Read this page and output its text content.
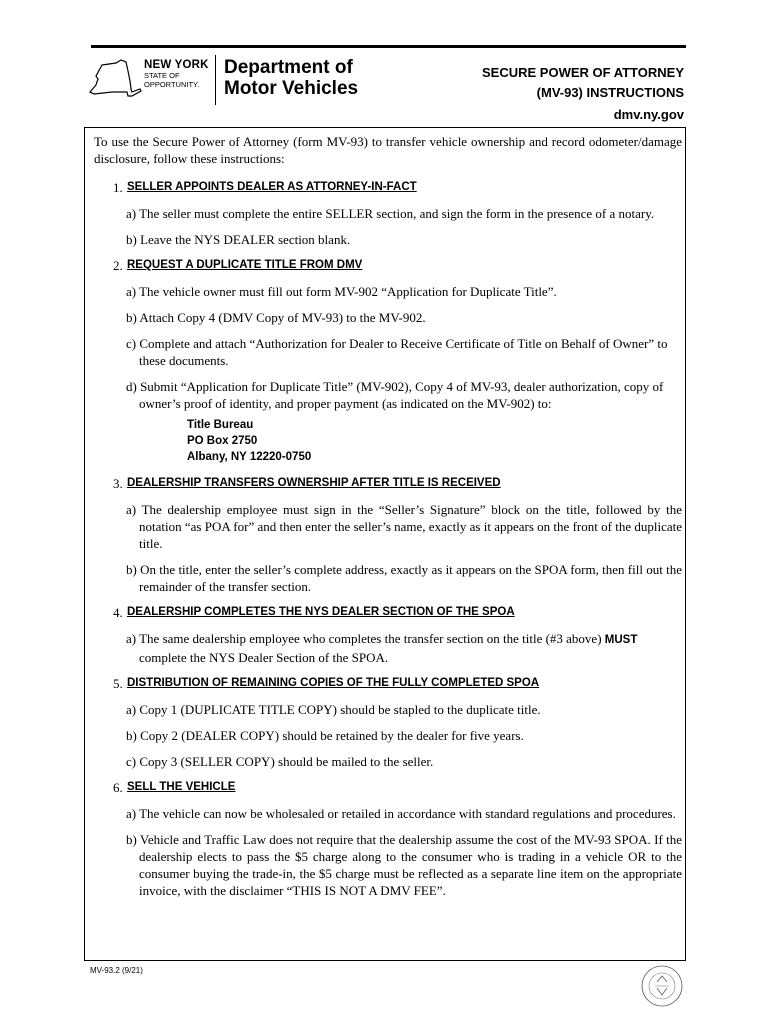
NEW YORK
STATE OF
OPPORTUNITY.
Department of
Motor Vehicles
SECURE POWER OF ATTORNEY
(MV-93) INSTRUCTIONS
dmv.ny.gov

To use the Secure Power of Attorney (form MV-93) to transfer vehicle ownership and record odometer/damage disclosure, follow these instructions:

1. SELLER APPOINTS DEALER AS ATTORNEY-IN-FACT
a) The seller must complete the entire SELLER section, and sign the form in the presence of a notary.
b) Leave the NYS DEALER section blank.
2. REQUEST A DUPLICATE TITLE FROM DMV
a) The vehicle owner must fill out form MV-902 “Application for Duplicate Title”.
b) Attach Copy 4 (DMV Copy of MV-93) to the MV-902.
c) Complete and attach “Authorization for Dealer to Receive Certificate of Title on Behalf of Owner” to these documents.
d) Submit “Application for Duplicate Title” (MV-902), Copy 4 of MV-93, dealer authorization, copy of owner’s proof of identity, and proper payment (as indicated on the MV-902) to:
Title Bureau
PO Box 2750
Albany, NY 12220-0750
3. DEALERSHIP TRANSFERS OWNERSHIP AFTER TITLE IS RECEIVED
a) The dealership employee must sign in the “Seller’s Signature” block on the title, followed by the notation “as POA for” and then enter the seller’s name, exactly as it appears on the front of the duplicate title.
b) On the title, enter the seller’s complete address, exactly as it appears on the SPOA form, then fill out the remainder of the transfer section.
4. DEALERSHIP COMPLETES THE NYS DEALER SECTION OF THE SPOA
a) The same dealership employee who completes the transfer section on the title (#3 above) MUST complete the NYS Dealer Section of the SPOA.
5. DISTRIBUTION OF REMAINING COPIES OF THE FULLY COMPLETED SPOA
a) Copy 1 (DUPLICATE TITLE COPY) should be stapled to the duplicate title.
b) Copy 2 (DEALER COPY) should be retained by the dealer for five years.
c) Copy 3 (SELLER COPY) should be mailed to the seller.
6. SELL THE VEHICLE
a) The vehicle can now be wholesaled or retailed in accordance with standard regulations and procedures.
b) Vehicle and Traffic Law does not require that the dealership assume the cost of the MV-93 SPOA. If the dealership elects to pass the $5 charge along to the consumer who is trading in a vehicle OR to the consumer buying the trade-in, the $5 charge must be reflected as a separate line item on the appropriate invoice, with the disclaimer “THIS IS NOT A DMV FEE”.
MV-93.2 (9/21)
